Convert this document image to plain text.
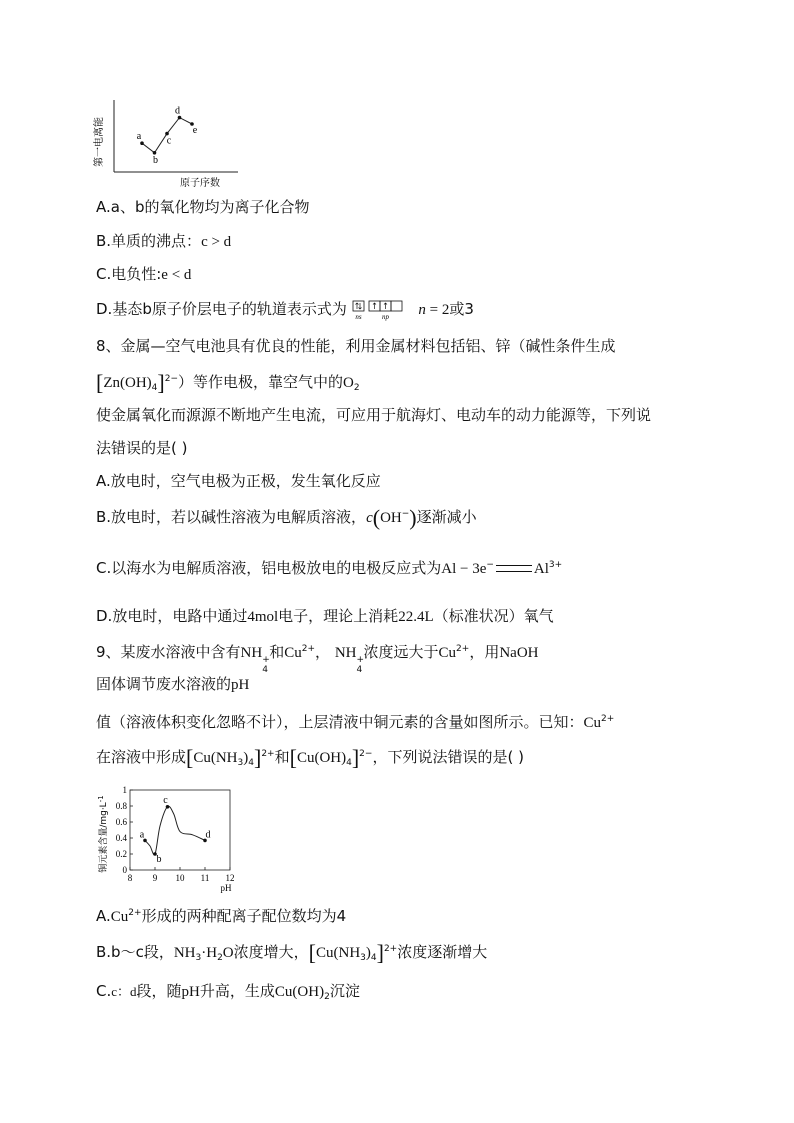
第一电离能	a
b
c
d
e
原子序数
A.a、b的氧化物均为离子化合物
B.单质的沸点：c > d
C.电负性:e < d
D.基态b原子价层电子的轨道表示式为 ns	np n = 2或3
8、金属—空气电池具有优良的性能，利用金属材料包括铝、锌（碱性条件生成
$[Zn(OH)_4]^{2-}$）等作电极，靠空气中的$O_2$
使金属氧化而源源不断地产生电流，可应用于航海灯、电动车的动力能源等，下列说
法错误的是( )
A.放电时，空气电极为正极，发生氧化反应
B.放电时，若以碱性溶液为电解质溶液，c(OH−)逐渐减小
C.以海水为电解质溶液，铝电极放电的电极反应式为Al − 3e−	$Al^{3+}$
D.放电时，电路中通过4mol电子，理论上消耗22.4L（标准状况）氧气
9、某废水溶液中含有NH +
4
和$Cu^{2+}$， NH +
4
浓度远大于$Cu^{2+}$，用NaOH
固体调节废水溶液的pH
值（溶液体积变化忽略不计），上层清液中铜元素的含量如图所示。已知：$Cu^{2+}$
在溶液中形成$[Cu(NH_3)_4]^{2+}$和$[Cu(OH)_4]^{2-}$，下列说法错误的是( )
铜元素含量$/mg\cdot L^{-1}$
0
0.2
0.4
0.6
0.8
1
8 9 10 11 12
pH
a
b
c
d
$A.Cu^{2+}$形成的两种配离子配位数均为4
B.b～c段，$NH_3\cdot H_2O$浓度增大，$[Cu(NH_3)_4]^{2+}$浓度逐渐增大
C.c：d段，随pH升高，生成$Cu(OH)_2$沉淀
